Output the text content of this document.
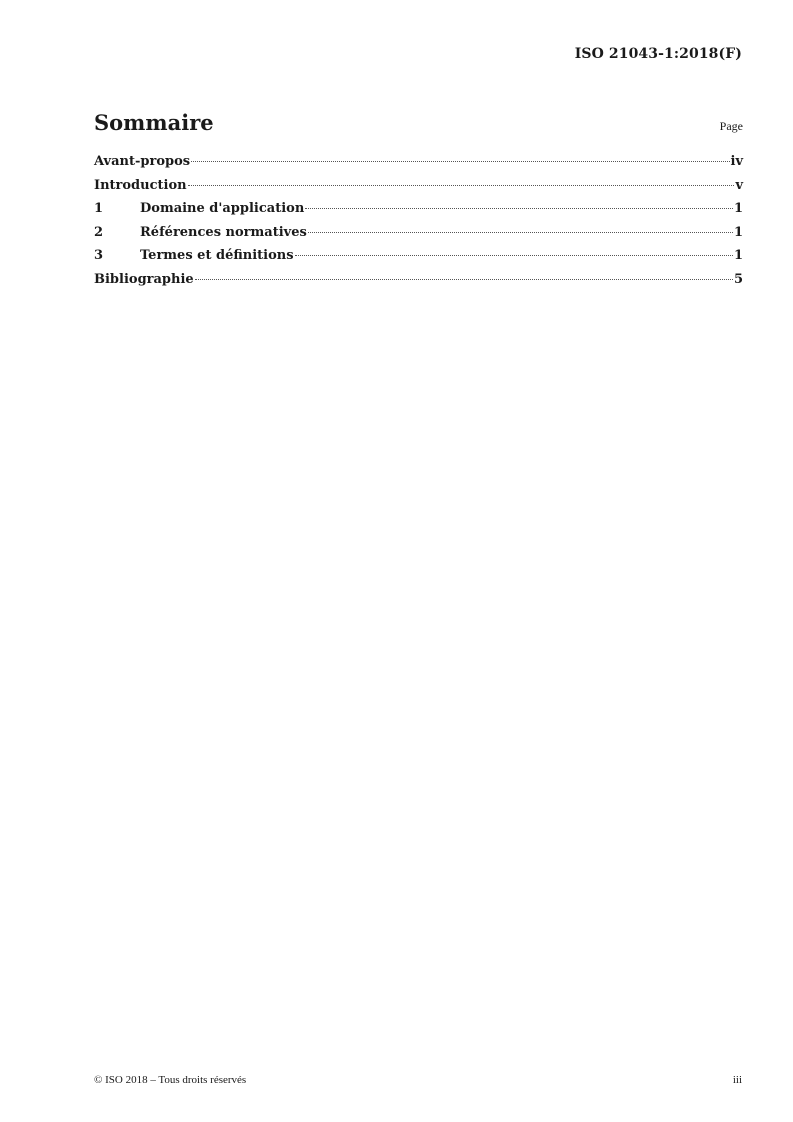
ISO 21043-1:2018(F)
Sommaire	Page
Avant-propos	iv
Introduction	v
1	Domaine d'application	1
2	Références normatives	1
3	Termes et définitions	1
Bibliographie	5
© ISO 2018 – Tous droits réservés	iii
